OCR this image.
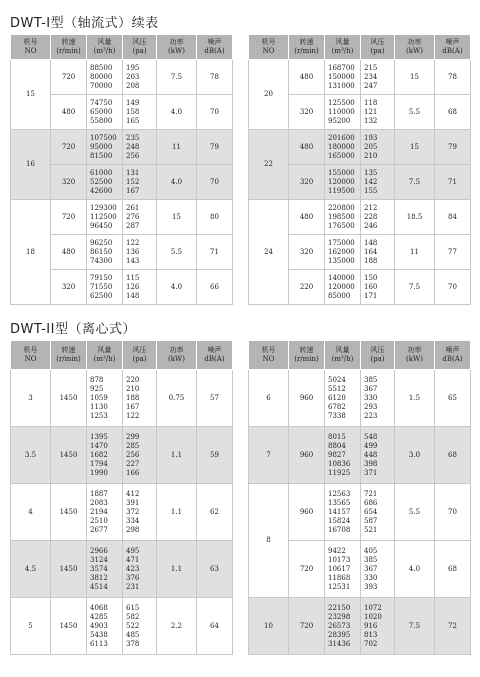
DWT-I型（轴流式）续表
DWT-II型（离心式）
机号
NO	转速
(r/min)	风量
(m³/h)	风压
(pa)	功率
(kW)	噪声
dB(A)
15	720	88500
80000
70000	195
203
208	7.5	78
	480	74750
65000
55800	149
158
165	4.0	70
16	720	107500
95000
81500	235
248
256	11	79
	320	61000
52500
42600	131
152
167	4.0	70
18	720	129300
112500
96450	261
276
287	15	80
	480	96250
86150
74300	122
136
143	5.5	71
	320	79150
71550
62500	115
126
148	4.0	66
机号
NO	转速
(r/min)	风量
(m³/h)	风压
(pa)	功率
(kW)	噪声
dB(A)
20	480	168700
150000
131000	215
234
247	15	78
	320	125500
110000
95200	118
121
132	5.5	68
22	480	201600
180000
165000	193
205
210	15	79
	320	155000
120000
119500	135
142
155	7.5	71
24	480	220800
198500
176500	212
228
246	18.5	84
	320	175000
162000
135000	148
164
188	11	77
	220	140000
120000
85000	150
160
171	7.5	70
机号
NO	转速
(r/min)	风量
(m³/h)	风压
(pa)	功率
(kW)	噪声
dB(A)
3	1450	878
925
1059
1130
1253	220
210
188
167
122	0.75	57
3.5	1450	1395
1470
1682
1794
1990	299
285
256
227
166	1.1	59
4	1450	1887
2083
2194
2510
2677	412
391
372
334
298	1.1	62
4.5	1450	2966
3124
3574
3812
4514	495
471
423
376
231	1.1	63
5	1450	4068
4285
4903
5438
6113	615
582
522
485
378	2.2	64
机号
NO	转速
(r/min)	风量
(m³/h)	风压
(pa)	功率
(kW)	噪声
dB(A)
6	960	5024
5512
6120
6782
7338	385
367
330
293
223	1.5	65
7	960	8015
8804
9827
10836
11925	548
499
448
398
371	3.0	68
8	960	12563
13565
14157
15824
16708	721
686
654
587
521	5.5	70
	720	9422
10173
10617
11868
12531	405
385
367
330
393	4.0	68
10	720	22150
23298
26573
28395
31436	1072
1020
916
813
702	7.5	72
